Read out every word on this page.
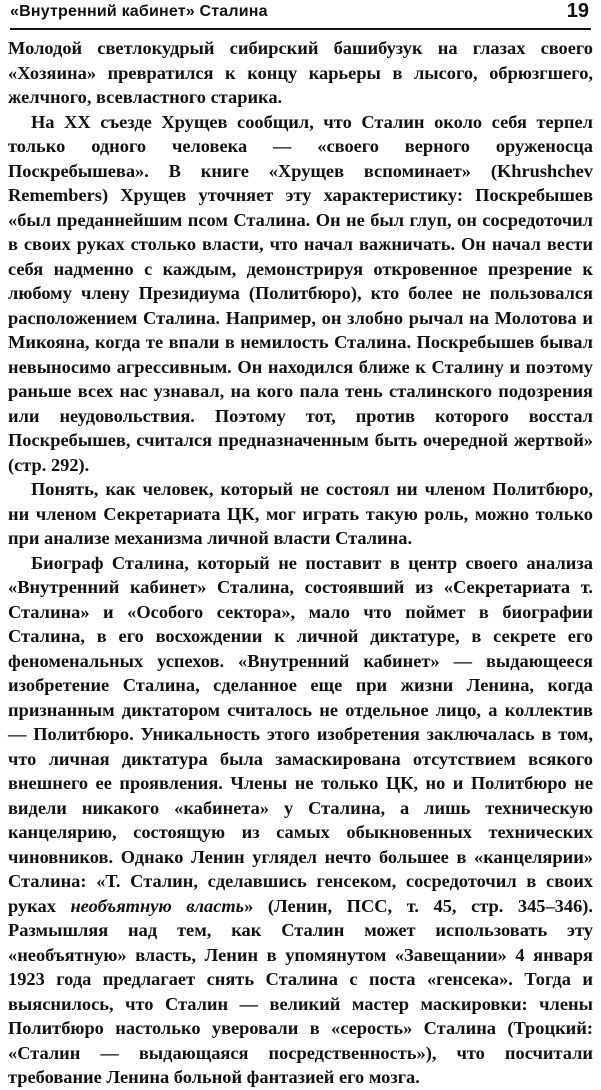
«Внутренний кабинет» Сталина	19

Молодой светлокудрый сибирский башибузук на глазах своего «Хозяина» превратился к концу карьеры в лысого, обрюзгшего, желчного, всевластного старика.

На XX съезде Хрущев сообщил, что Сталин около себя терпел только одного человека — «своего верного оруженосца Поскребышева». В книге «Хрущев вспоминает» (Khrushchev Remembers) Хрущев уточняет эту характеристику: Поскребышев «был преданнейшим псом Сталина. Он не был глуп, он сосредоточил в своих руках столько власти, что начал важничать. Он начал вести себя надменно с каждым, демонстрируя откровенное презрение к любому члену Президиума (Политбюро), кто более не пользовался расположением Сталина. Например, он злобно рычал на Молотова и Микояна, когда те впали в немилость Сталина. Поскребышев бывал невыносимо агрессивным. Он находился ближе к Сталину и поэтому раньше всех нас узнавал, на кого пала тень сталинского подозрения или неудовольствия. Поэтому тот, против которого восстал Поскребышев, считался предназначенным быть очередной жертвой» (стр. 292).

Понять, как человек, который не состоял ни членом Политбюро, ни членом Секретариата ЦК, мог играть такую роль, можно только при анализе механизма личной власти Сталина.

Биограф Сталина, который не поставит в центр своего анализа «Внутренний кабинет» Сталина, состоявший из «Секретариата т. Сталина» и «Особого сектора», мало что поймет в биографии Сталина, в его восхождении к личной диктатуре, в секрете его феноменальных успехов. «Внутренний кабинет» — выдающееся изобретение Сталина, сделанное еще при жизни Ленина, когда признанным диктатором считалось не отдельное лицо, а коллектив — Политбюро. Уникальность этого изобретения заключалась в том, что личная диктатура была замаскирована отсутствием всякого внешнего ее проявления. Члены не только ЦК, но и Политбюро не видели никакого «кабинета» у Сталина, а лишь техническую канцелярию, состоящую из самых обыкновенных технических чиновников. Однако Ленин углядел нечто большее в «канцелярии» Сталина: «Т. Сталин, сделавшись генсеком, сосредоточил в своих руках необъятную власть» (Ленин, ПСС, т. 45, стр. 345–346). Размышляя над тем, как Сталин может использовать эту «необъятную» власть, Ленин в упомянутом «Завещании» 4 января 1923 года предлагает снять Сталина с поста «генсека». Тогда и выяснилось, что Сталин — великий мастер маскировки: члены Политбюро настолько уверовали в «серость» Сталина (Троцкий: «Сталин — выдающаяся посредственность»), что посчитали требование Ленина больной фантазией его мозга.
